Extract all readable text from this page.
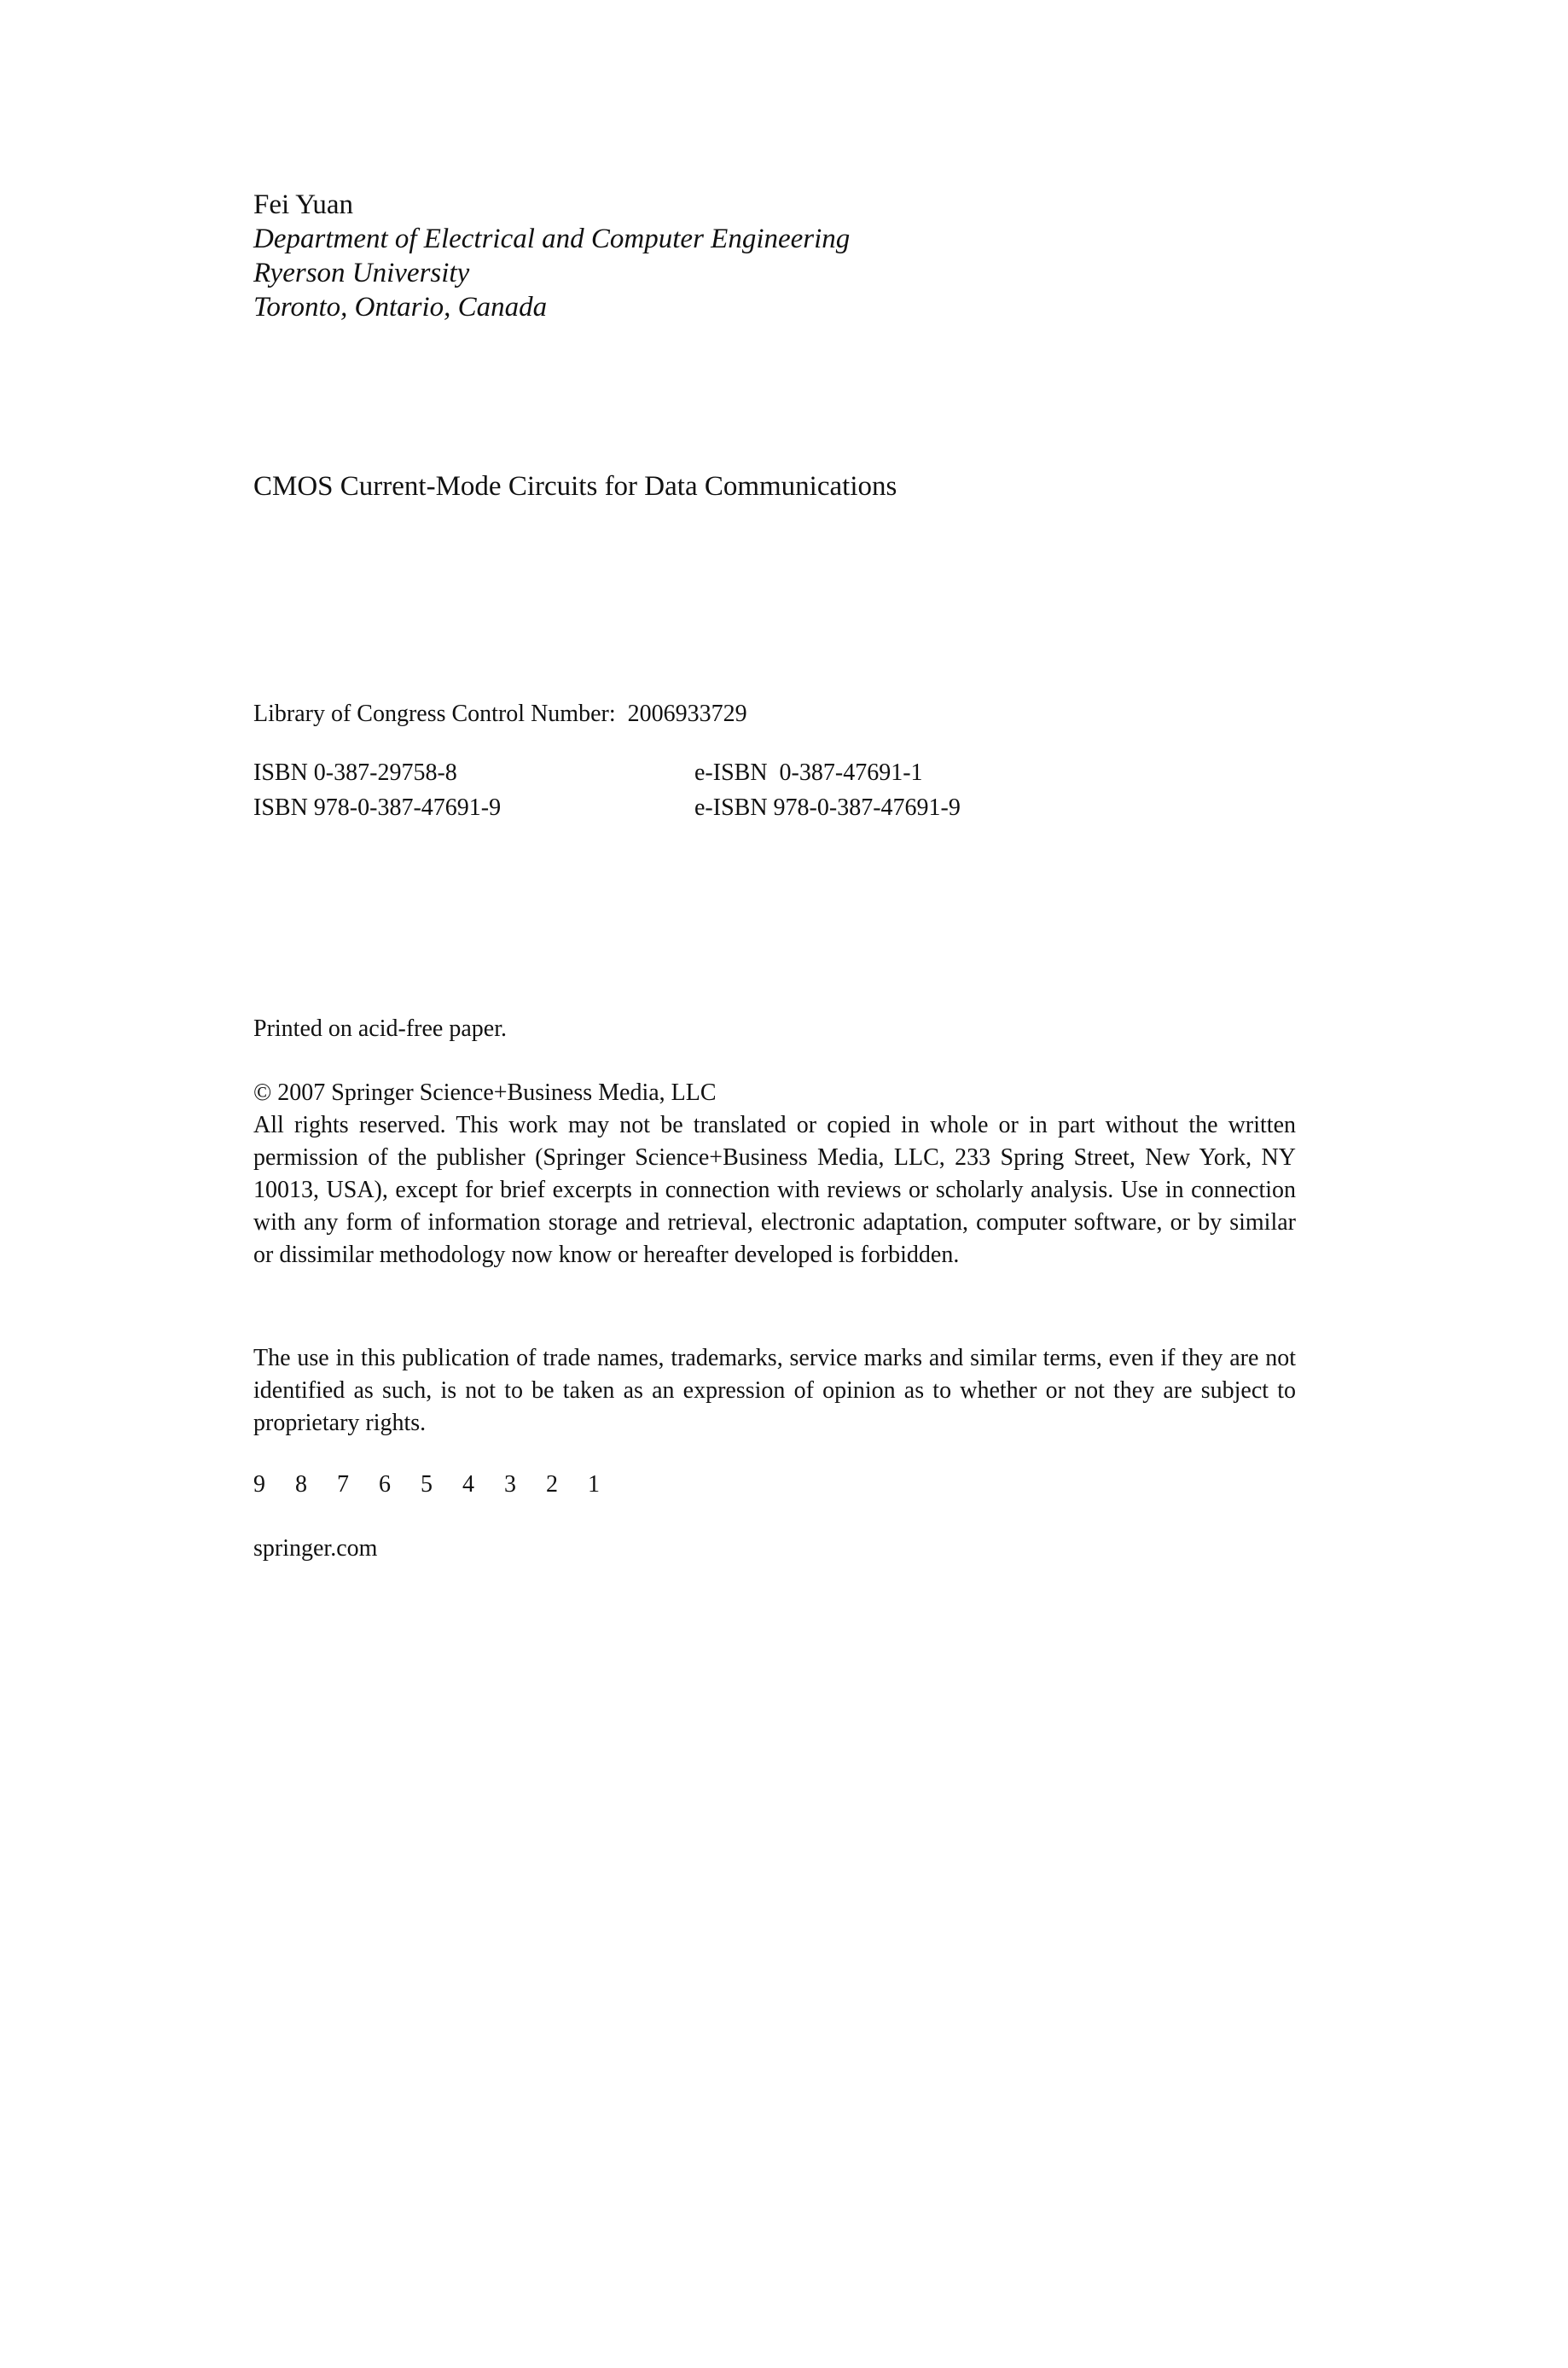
Fei Yuan
Department of Electrical and Computer Engineering
Ryerson University
Toronto, Ontario, Canada
CMOS Current-Mode Circuits for Data Communications
Library of Congress Control Number:  2006933729
ISBN 0-387-29758-8	e-ISBN  0-387-47691-1
ISBN 978-0-387-47691-9	e-ISBN 978-0-387-47691-9
Printed on acid-free paper.
© 2007 Springer Science+Business Media, LLC
All rights reserved. This work may not be translated or copied in whole or in part without the written permission of the publisher (Springer Science+Business Media, LLC, 233 Spring Street, New York, NY 10013, USA), except for brief excerpts in connection with reviews or scholarly analysis. Use in connection with any form of information storage and retrieval, electronic adaptation, computer software, or by similar or dissimilar methodology now know or hereafter developed is forbidden.
The use in this publication of trade names, trademarks, service marks and similar terms, even if they are not identified as such, is not to be taken as an expression of opinion as to whether or not they are subject to proprietary rights.
9 8 7 6 5 4 3 2 1
springer.com
